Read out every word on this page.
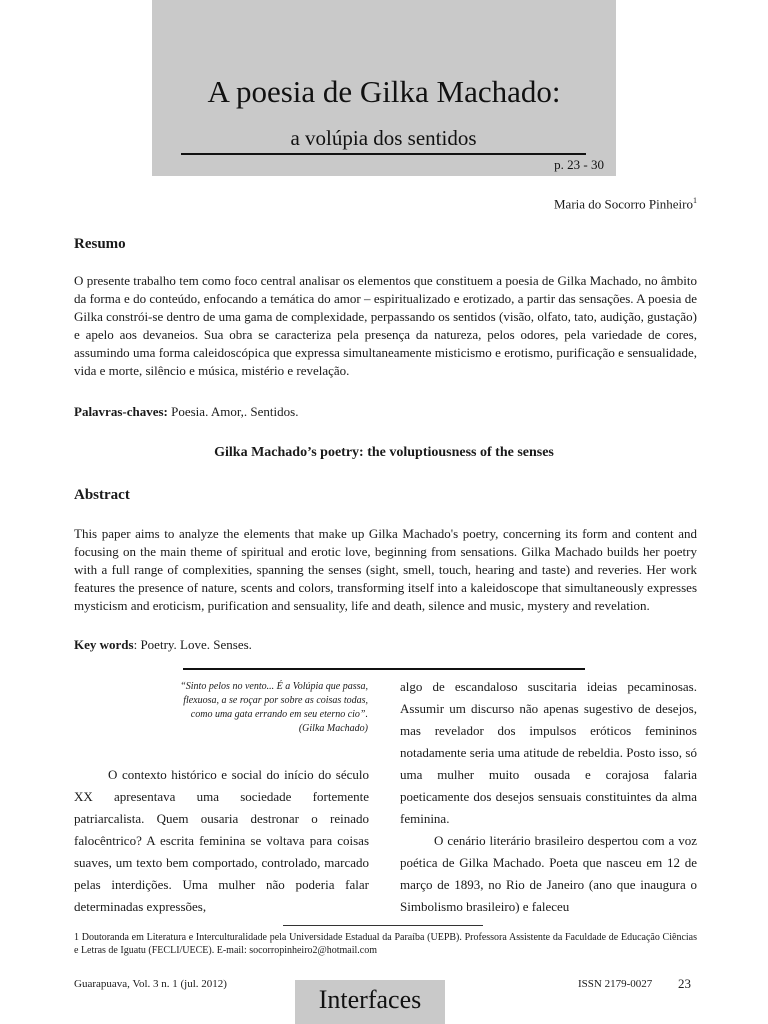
A poesia de Gilka Machado:
a volúpia dos sentidos
p. 23 - 30
Maria do Socorro Pinheiro$^1$
Resumo
O presente trabalho tem como foco central analisar os elementos que constituem a poesia de Gilka Machado, no âmbito da forma e do conteúdo, enfocando a temática do amor – espiritualizado e erotizado, a partir das sensações. A poesia de Gilka constrói-se dentro de uma gama de complexidade, perpassando os sentidos (visão, olfato, tato, audição, gustação) e apelo aos devaneios. Sua obra se caracteriza pela presença da natureza, pelos odores, pela variedade de cores, assumindo uma forma caleidoscópica que expressa simultaneamente misticismo e erotismo, purificação e sensualidade, vida e morte, silêncio e música, mistério e revelação.
Palavras-chaves: Poesia. Amor,. Sentidos.
Gilka Machado’s poetry: the voluptiousness of the senses
Abstract
This paper aims to analyze the elements that make up Gilka Machado's poetry, concerning its form and content and focusing on the main theme of spiritual and erotic love, beginning from sensations. Gilka Machado builds her poetry with a full range of complexities, spanning the senses (sight, smell, touch, hearing and taste) and reveries. Her work features the presence of nature, scents and colors, transforming itself into a kaleidoscope that simultaneously expresses mysticism and eroticism, purification and sensuality, life and death, silence and music, mystery and revelation.
Key words: Poetry. Love. Senses.
“Sinto pelos no vento... É a Volúpia que passa,
flexuosa, a se roçar por sobre as coisas todas,
como uma gata errando em seu eterno cio”.
(Gilka Machado)

O contexto histórico e social do início do século XX apresentava uma sociedade fortemente patriarcalista. Quem ousaria destronar o reinado falocêntrico? A escrita feminina se voltava para coisas suaves, um texto bem comportado, controlado, marcado pelas interdições. Uma mulher não poderia falar determinadas expressões,

algo de escandaloso suscitaria ideias pecaminosas. Assumir um discurso não apenas sugestivo de desejos, mas revelador dos impulsos eróticos femininos notadamente seria uma atitude de rebeldia. Posto isso, só uma mulher muito ousada e corajosa falaria poeticamente dos desejos sensuais constituintes da alma feminina.

O cenário literário brasileiro despertou com a voz poética de Gilka Machado. Poeta que nasceu em 12 de março de 1893, no Rio de Janeiro (ano que inaugura o Simbolismo brasileiro) e faleceu

1 Doutoranda em Literatura e Interculturalidade pela Universidade Estadual da Paraíba (UEPB). Professora Assistente da Faculdade de Educação Ciências e Letras de Iguatu (FECLI/UECE). E-mail: socorropinheiro2@hotmail.com
Guarapuava, Vol. 3 n. 1 (jul. 2012)
Interfaces
ISSN 2179-0027 23
